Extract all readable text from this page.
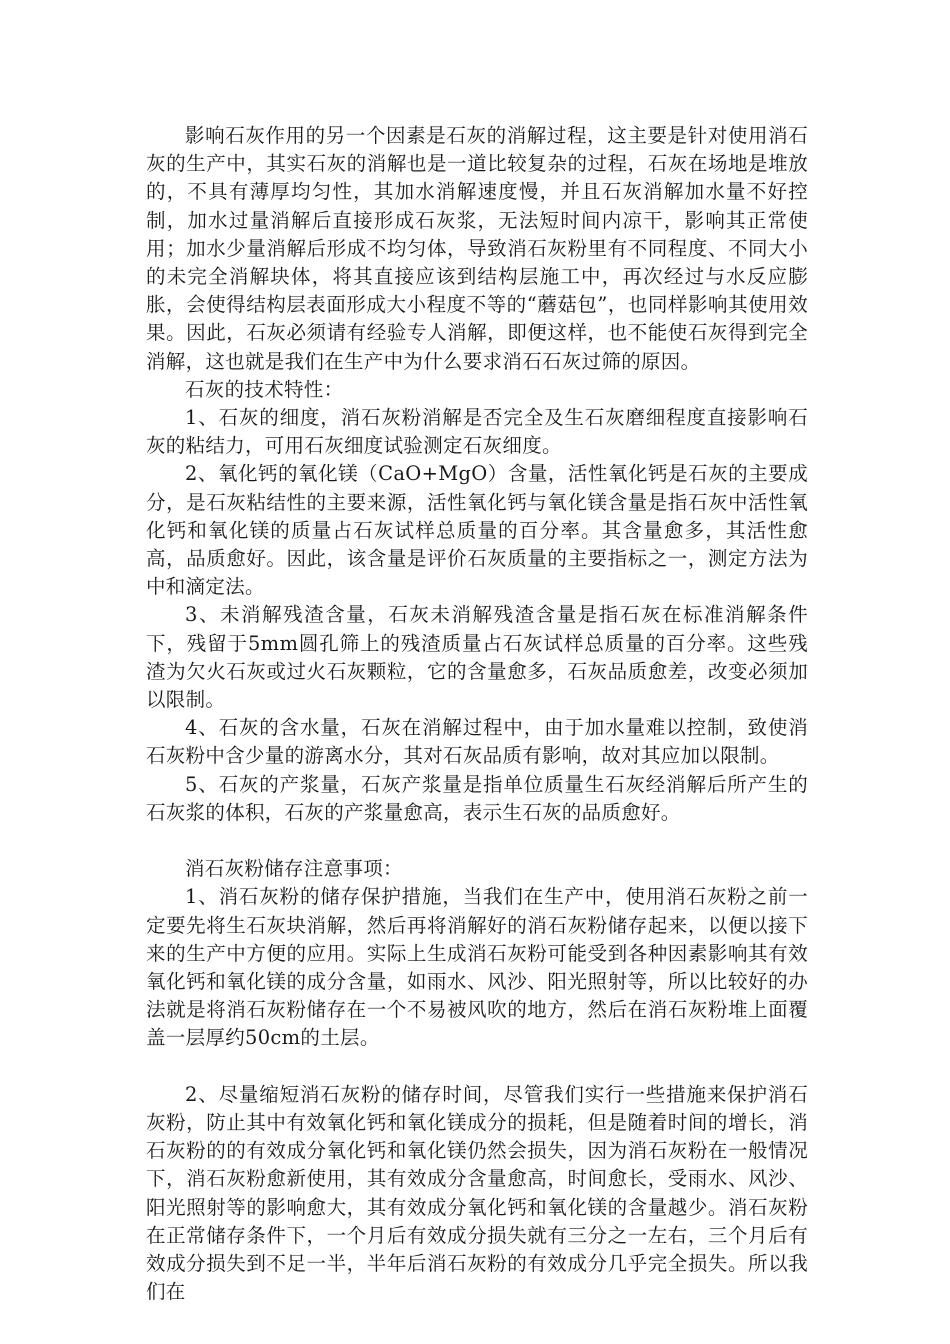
影响石灰作用的另一个因素是石灰的消解过程，这主要是针对使用消石灰的生产中，其实石灰的消解也是一道比较复杂的过程，石灰在场地是堆放的，不具有薄厚均匀性，其加水消解速度慢，并且石灰消解加水量不好控制，加水过量消解后直接形成石灰浆，无法短时间内凉干，影响其正常使用；加水少量消解后形成不均匀体，导致消石灰粉里有不同程度、不同大小的未完全消解块体，将其直接应该到结构层施工中，再次经过与水反应膨胀，会使得结构层表面形成大小程度不等的“蘑菇包”，也同样影响其使用效果。因此，石灰必须请有经验专人消解，即便这样，也不能使石灰得到完全消解，这也就是我们在生产中为什么要求消石石灰过筛的原因。

石灰的技术特性：

1、石灰的细度，消石灰粉消解是否完全及生石灰磨细程度直接影响石灰的粘结力，可用石灰细度试验测定石灰细度。

2、氧化钙的氧化镁（CaO+MgO）含量，活性氧化钙是石灰的主要成分，是石灰粘结性的主要来源，活性氧化钙与氧化镁含量是指石灰中活性氧化钙和氧化镁的质量占石灰试样总质量的百分率。其含量愈多，其活性愈高，品质愈好。因此，该含量是评价石灰质量的主要指标之一，测定方法为中和滴定法。

3、未消解残渣含量，石灰未消解残渣含量是指石灰在标准消解条件下，残留于5mm圆孔筛上的残渣质量占石灰试样总质量的百分率。这些残渣为欠火石灰或过火石灰颗粒，它的含量愈多，石灰品质愈差，改变必须加以限制。

4、石灰的含水量，石灰在消解过程中，由于加水量难以控制，致使消石灰粉中含少量的游离水分，其对石灰品质有影响，故对其应加以限制。

5、石灰的产浆量，石灰产浆量是指单位质量生石灰经消解后所产生的石灰浆的体积，石灰的产浆量愈高，表示生石灰的品质愈好。

消石灰粉储存注意事项：

1、消石灰粉的储存保护措施，当我们在生产中，使用消石灰粉之前一定要先将生石灰块消解，然后再将消解好的消石灰粉储存起来，以便以接下来的生产中方便的应用。实际上生成消石灰粉可能受到各种因素影响其有效氧化钙和氧化镁的成分含量，如雨水、风沙、阳光照射等，所以比较好的办法就是将消石灰粉储存在一个不易被风吹的地方，然后在消石灰粉堆上面覆盖一层厚约50cm的土层。

2、尽量缩短消石灰粉的储存时间，尽管我们实行一些措施来保护消石灰粉，防止其中有效氧化钙和氧化镁成分的损耗，但是随着时间的增长，消石灰粉的的有效成分氧化钙和氧化镁仍然会损失，因为消石灰粉在一般情况下，消石灰粉愈新使用，其有效成分含量愈高，时间愈长，受雨水、风沙、阳光照射等的影响愈大，其有效成分氧化钙和氧化镁的含量越少。消石灰粉在正常储存条件下，一个月后有效成分损失就有三分之一左右，三个月后有效成分损失到不足一半，半年后消石灰粉的有效成分几乎完全损失。所以我们在
